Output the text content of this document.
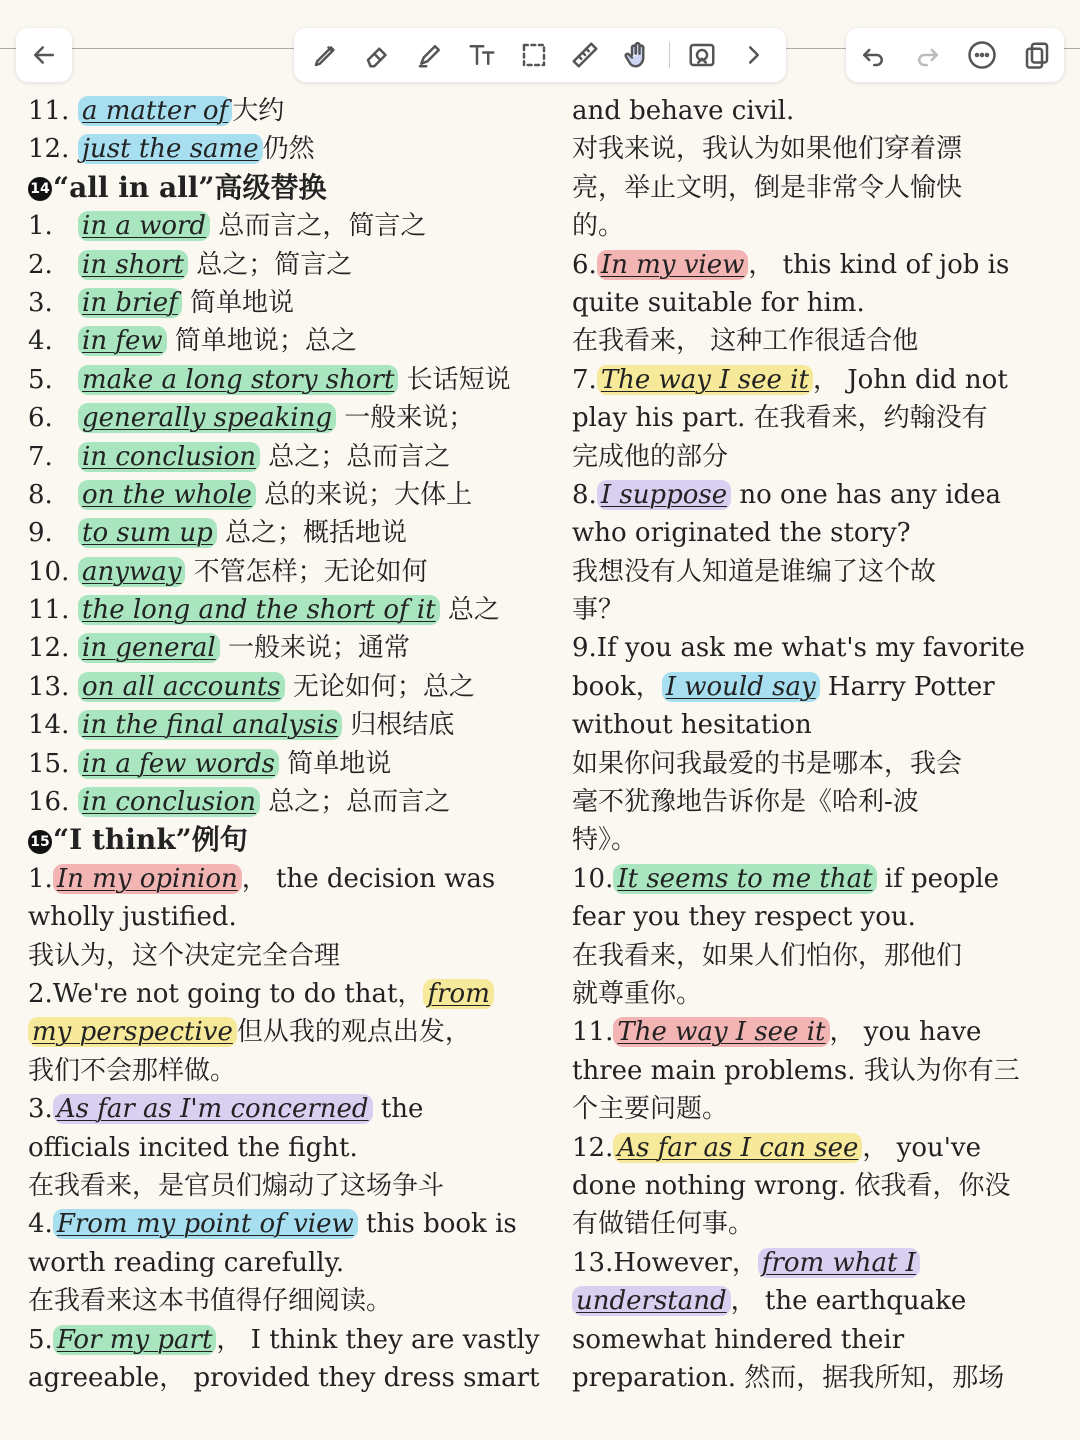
11. a matter of 大约
12. just the same 仍然
14 “all in all”高级替换
1. in a word 总而言之，简言之
2. in short 总之；简言之
3. in brief 简单地说
4. in few 简单地说；总之
5. make a long story short 长话短说
6. generally speaking 一般来说；
7. in conclusion 总之；总而言之
8. on the whole 总的来说；大体上
9. to sum up 总之；概括地说
10. anyway 不管怎样；无论如何
11. the long and the short of it 总之
12. in general 一般来说；通常
13. on all accounts 无论如何；总之
14. in the final analysis 归根结底
15. in a few words 简单地说
16. in conclusion 总之；总而言之
15 “I think”例句
1. In my opinion ， the decision was
wholly justified.
我认为，这个决定完全合理
2.We're not going to do that， from
my perspective 但从我的观点出发，
我们不会那样做。
3. As far as I'm concerned the
officials incited the fight.
在我看来，是官员们煽动了这场争斗
4. From my point of view this book is
worth reading carefully.
在我看来这本书值得仔细阅读。
5. For my part ， I think they are vastly
agreeable， provided they dress smart
and behave civil.
对我来说，我认为如果他们穿着漂
亮，举止文明，倒是非常令人愉快
的。
6. In my view ， this kind of job is
quite suitable for him.
在我看来， 这种工作很适合他
7. The way I see it ， John did not
play his part. 在我看来，约翰没有
完成他的部分
8. I suppose no one has any idea
who originated the story?
我想没有人知道是谁编了这个故
事？
9.If you ask me what's my favorite
book， I would say Harry Potter
without hesitation
如果你问我最爱的书是哪本，我会
毫不犹豫地告诉你是《哈利-波
特》。
10. It seems to me that if people
fear you they respect you.
在我看来，如果人们怕你，那他们
就尊重你。
11. The way I see it ， you have
three main problems. 我认为你有三
个主要问题。
12. As far as I can see ， you've
done nothing wrong. 依我看，你没
有做错任何事。
13.However， from what I
understand ， the earthquake
somewhat hindered their
preparation. 然而，据我所知，那场
